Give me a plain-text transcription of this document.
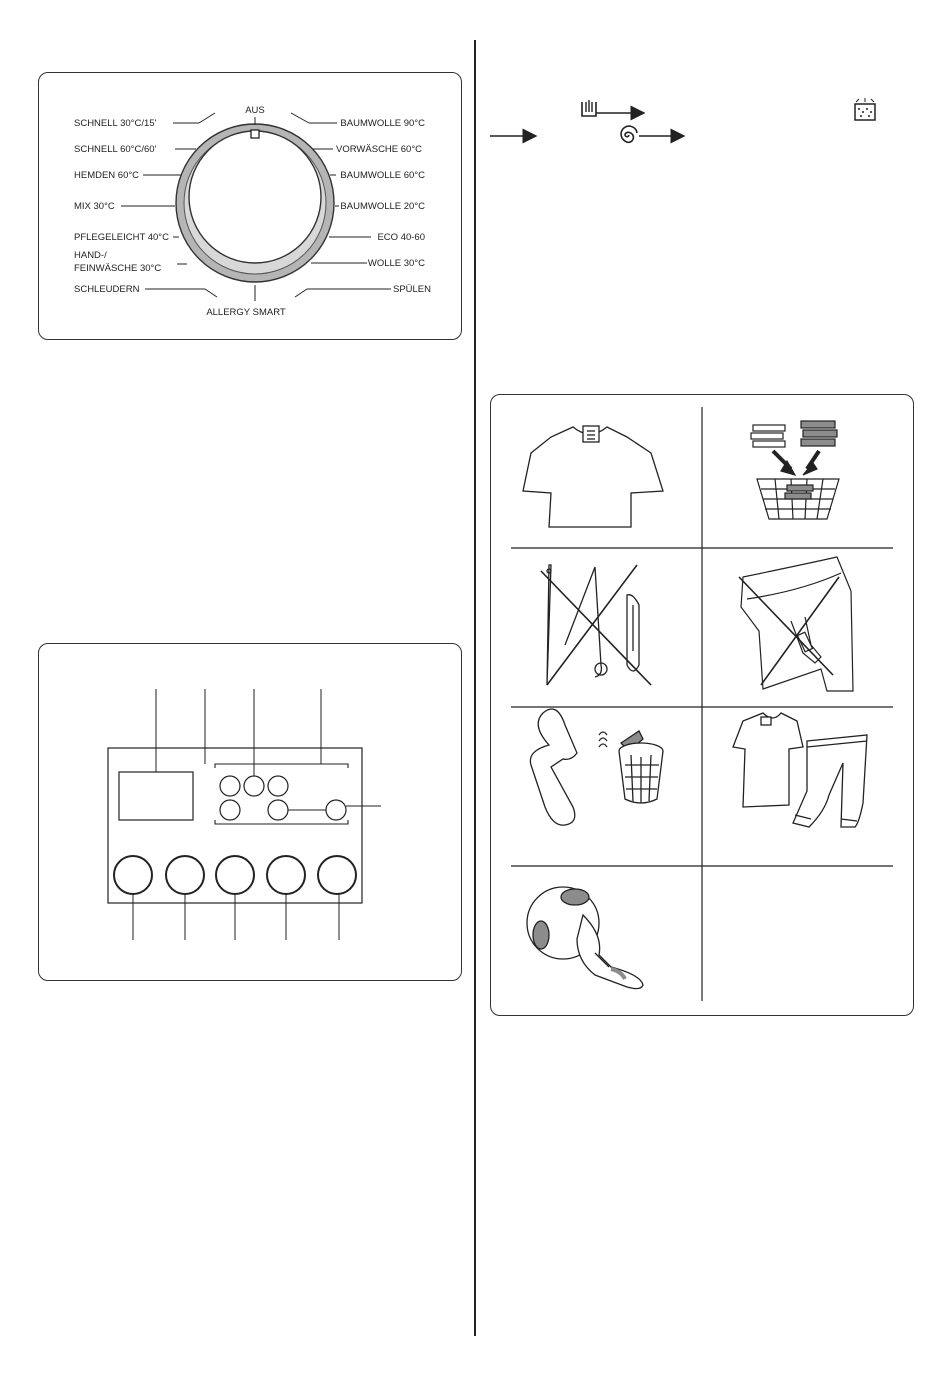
AUS
ALLERGY SMART
SCHNELL 30°C/15'
SCHNELL 60°C/60'
HEMDEN 60°C
MIX 30°C
PFLEGELEICHT 40°C
HAND-/
FEINWÄSCHE 30°C
SCHLEUDERN
BAUMWOLLE 90°C
VORWÄSCHE 60°C
BAUMWOLLE 60°C
BAUMWOLLE 20°C
ECO 40-60
WOLLE 30°C
SPÜLEN
